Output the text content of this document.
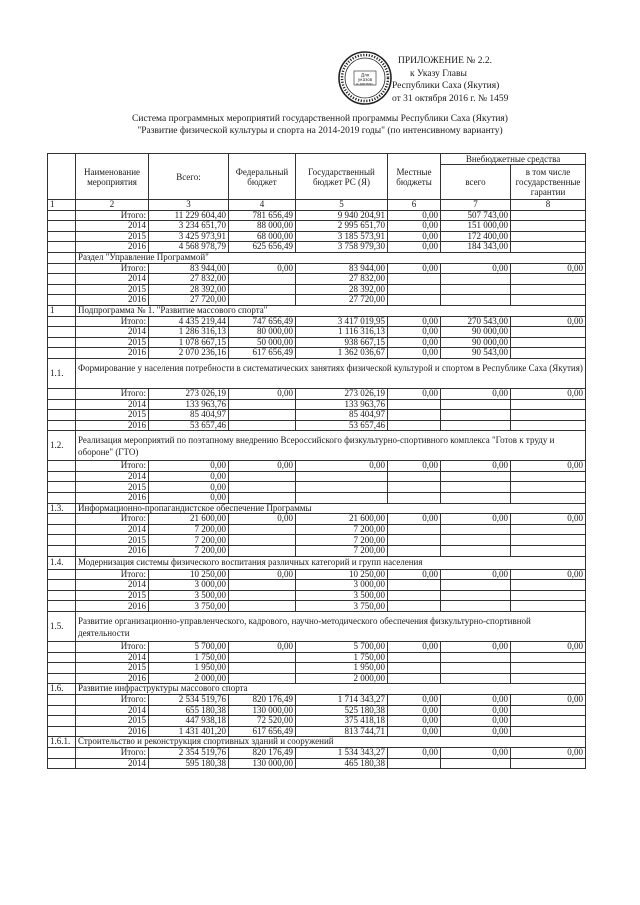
Для
указов
и распор.
ПРИЛОЖЕНИЕ № 2.2.
к Указу Главы
Республики Саха (Якутия)
от 31 октября 2016 г. № 1459
Система программных мероприятий государственной программы Республики Саха (Якутия)
"Развитие физической культуры и спорта на 2014-2019 годы" (по интенсивному варианту)
	Наименование мероприятия	Всего:	Федеральный бюджет	Государственный бюджет РС (Я)	Местные бюджеты	Внебюджетные средства	
						всего	в том числе государственные гарантии

1	2	3	4	5	6	7	8
	Итого:	11 229 604,40	781 656,49	9 940 204,91	0,00	507 743,00	
	2014	3 234 651,70	88 000,00	2 995 651,70	0,00	151 000,00	
	2015	3 425 973,91	68 000,00	3 185 573,91	0,00	172 400,00	
	2016	4 568 978,79	625 656,49	3 758 979,30	0,00	184 343,00	
	Раздел "Управление Программой"						
	Итого:	83 944,00	0,00	83 944,00	0,00	0,00	0,00
	2014	27 832,00		27 832,00			
	2015	28 392,00		28 392,00			
	2016	27 720,00		27 720,00			
1	Подпрограмма № 1. "Развитие массового спорта"						
	Итого:	4 435 219,44	747 656,49	3 417 019,95	0,00	270 543,00	0,00
	2014	1 286 316,13	80 000,00	1 116 316,13	0,00	90 000,00	
	2015	1 078 667,15	50 000,00	938 667,15	0,00	90 000,00	
	2016	2 070 236,16	617 656,49	1 362 036,67	0,00	90 543,00	
1.1.	Формирование у населения потребности в систематических занятиях физической культурой и спортом в Республике Саха (Якутия)						
	Итого:	273 026,19	0,00	273 026,19	0,00	0,00	0,00
	2014	133 963,76		133 963,76			
	2015	85 404,97		85 404,97			
	2016	53 657,46		53 657,46			
1.2.	Реализация мероприятий по поэтапному внедрению Всероссийского физкультурно-спортивного комплекса "Готов к труду и обороне" (ГТО)						
	Итого:	0,00	0,00	0,00	0,00	0,00	0,00
	2014	0,00					
	2015	0,00					
	2016	0,00					
1.3.	Информационно-пропагандистское обеспечение Программы						
	Итого:	21 600,00	0,00	21 600,00	0,00	0,00	0,00
	2014	7 200,00		7 200,00			
	2015	7 200,00		7 200,00			
	2016	7 200,00		7 200,00			
1.4.	Модернизация системы физического воспитания различных категорий и групп населения						
	Итого:	10 250,00	0,00	10 250,00	0,00	0,00	0,00
	2014	3 000,00		3 000,00			
	2015	3 500,00		3 500,00			
	2016	3 750,00		3 750,00			
1.5.	Развитие организационно-управленческого, кадрового, научно-методического обеспечения физкультурно-спортивной деятельности						
	Итого:	5 700,00	0,00	5 700,00	0,00	0,00	0,00
	2014	1 750,00		1 750,00			
	2015	1 950,00		1 950,00			
	2016	2 000,00		2 000,00			
1.6.	Развитие инфраструктуры массового спорта						
	Итого:	2 534 519,76	820 176,49	1 714 343,27	0,00	0,00	0,00
	2014	655 180,38	130 000,00	525 180,38	0,00	0,00	
	2015	447 938,18	72 520,00	375 418,18	0,00	0,00	
	2016	1 431 401,20	617 656,49	813 744,71	0,00	0,00	
1.6.1.	Строительство и реконструкция спортивных зданий и сооружений						
	Итого:	2 354 519,76	820 176,49	1 534 343,27	0,00	0,00	0,00
	2014	595 180,38	130 000,00	465 180,38			
